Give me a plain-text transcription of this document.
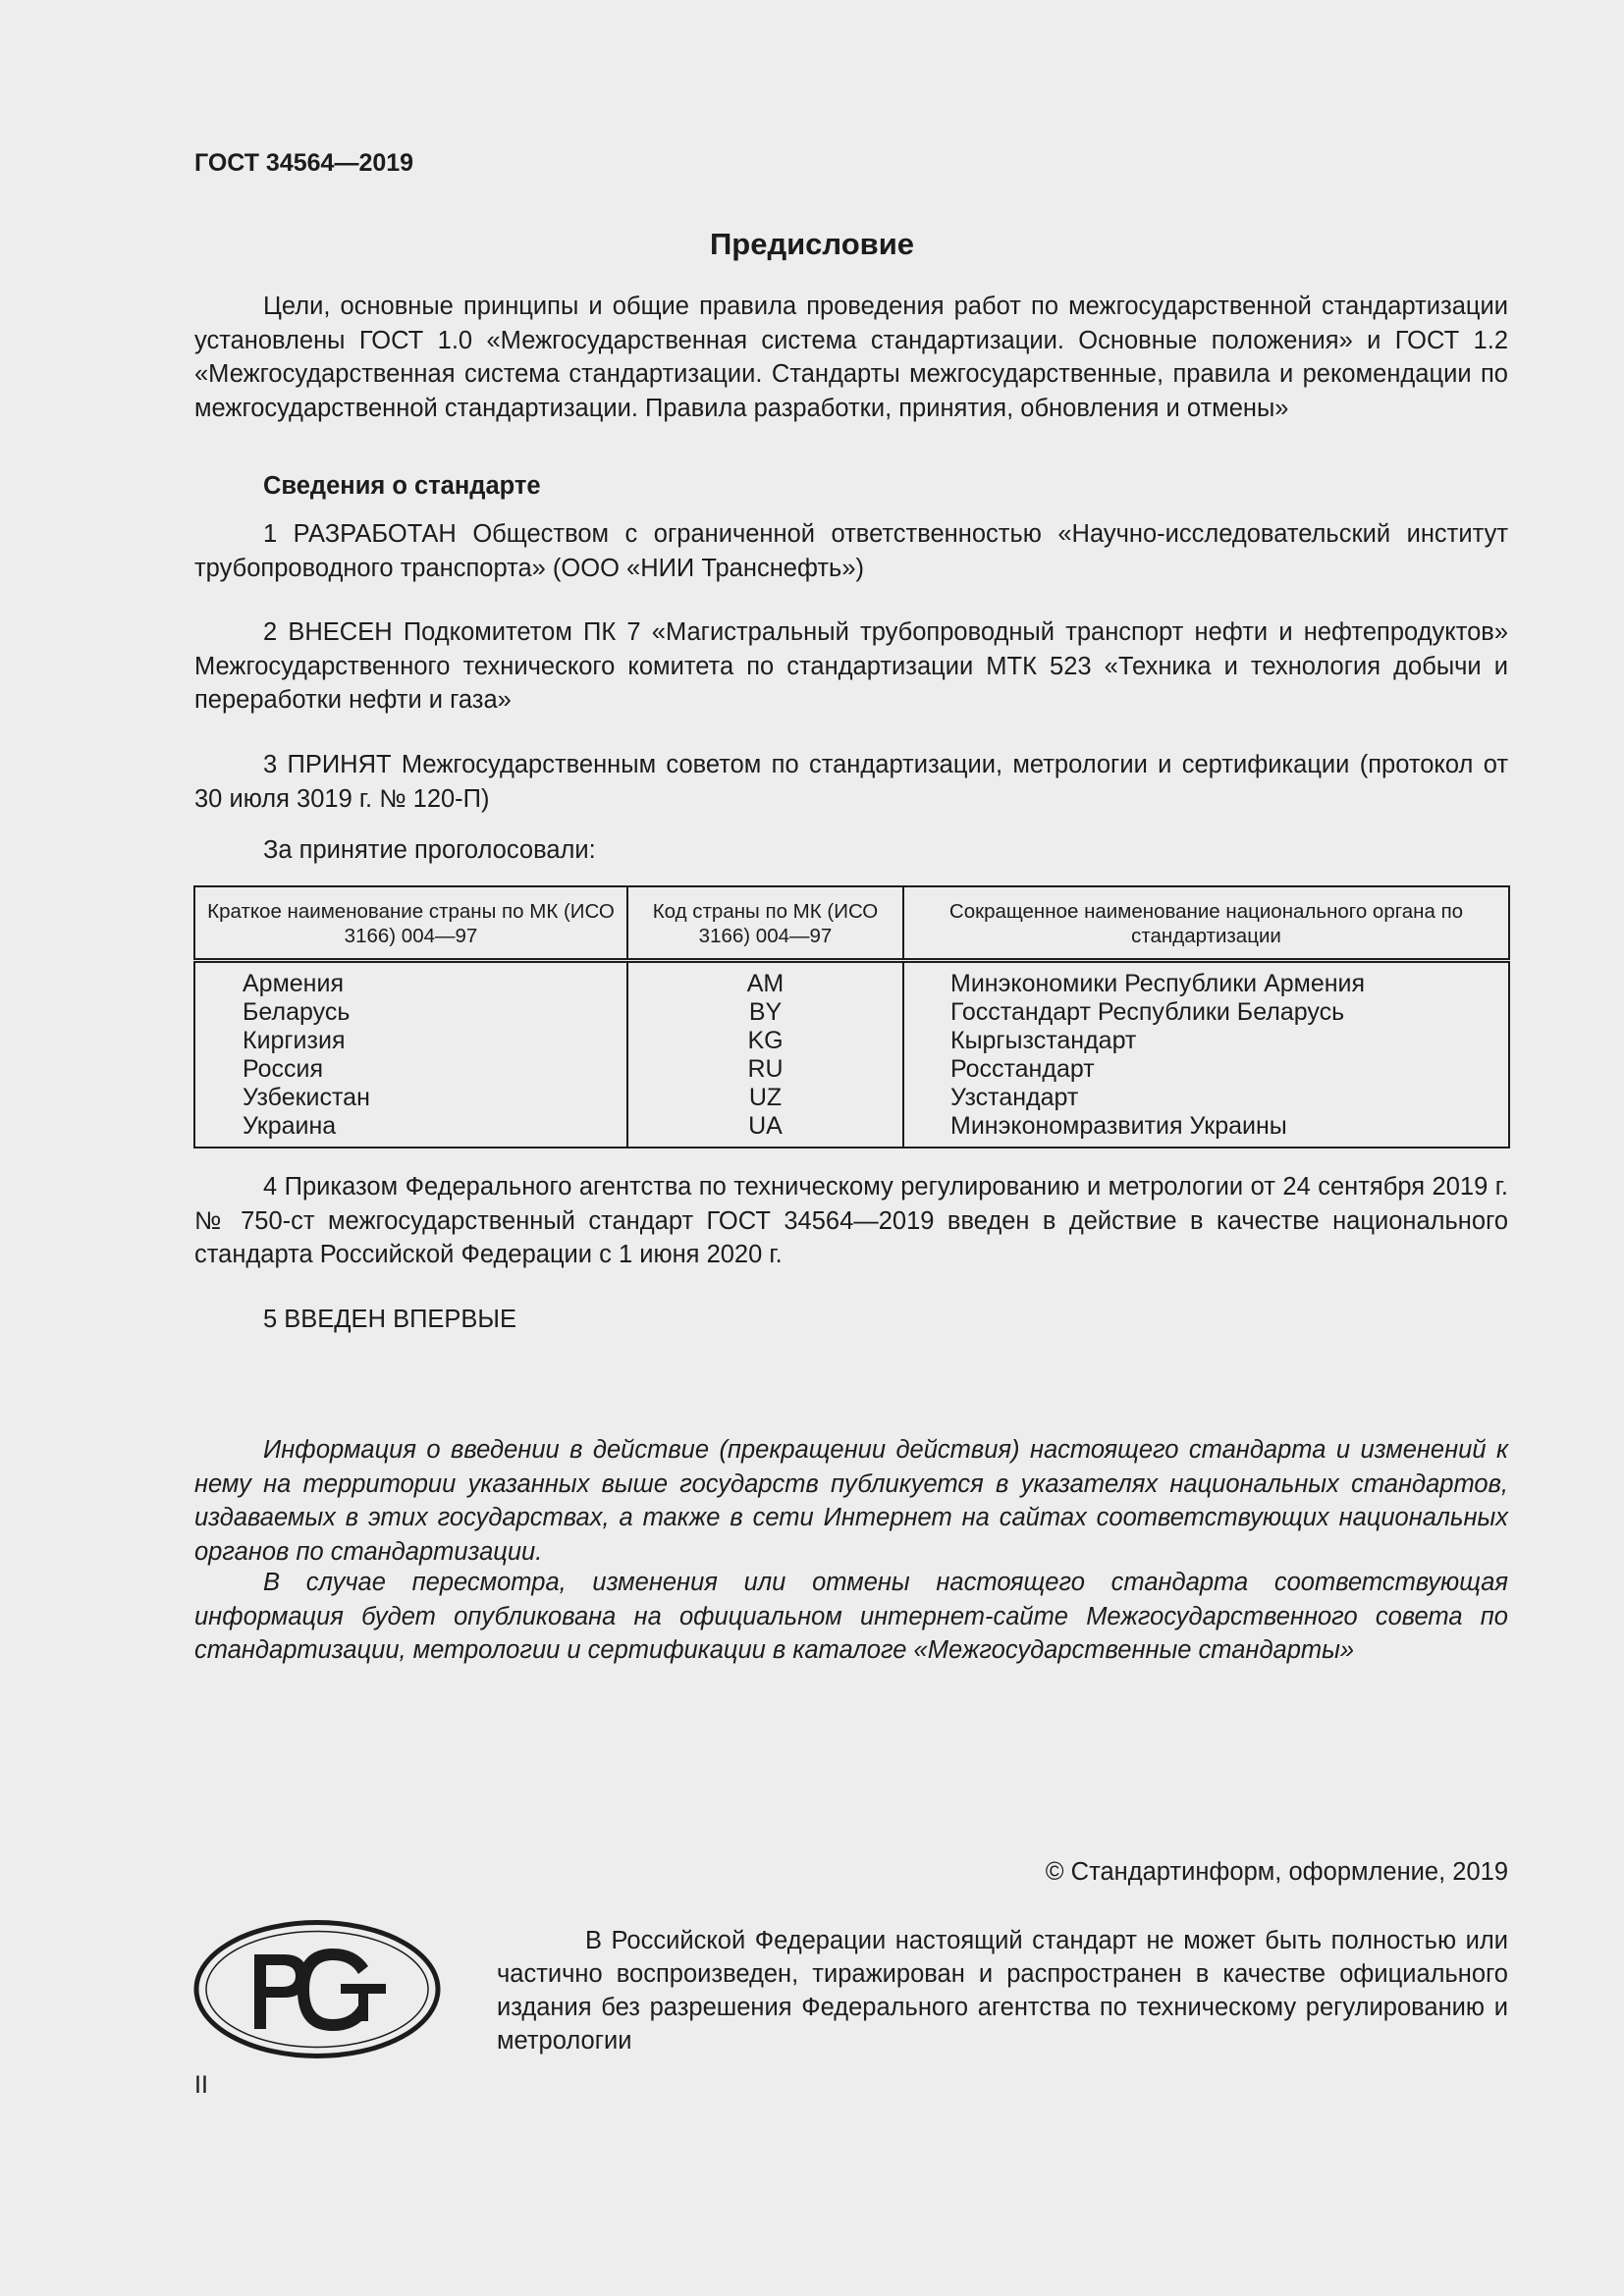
ГОСТ 34564—2019
Предисловие
Цели, основные принципы и общие правила проведения работ по межгосударственной стандартизации установлены ГОСТ 1.0 «Межгосударственная система стандартизации. Основные положения» и ГОСТ 1.2 «Межгосударственная система стандартизации. Стандарты межгосударственные, правила и рекомендации по межгосударственной стандартизации. Правила разработки, принятия, обновления и отмены»
Сведения о стандарте
1 РАЗРАБОТАН Обществом с ограниченной ответственностью «Научно-исследовательский институт трубопроводного транспорта» (ООО «НИИ Транснефть»)
2 ВНЕСЕН Подкомитетом ПК 7 «Магистральный трубопроводный транспорт нефти и нефтепродуктов» Межгосударственного технического комитета по стандартизации МТК 523 «Техника и технология добычи и переработки нефти и газа»
3 ПРИНЯТ Межгосударственным советом по стандартизации, метрологии и сертификации (протокол от 30 июля 3019 г. № 120-П)
За принятие проголосовали:
Краткое наименование страны по МК (ИСО 3166) 004—97	Код страны по МК (ИСО 3166) 004—97	Сокращенное наименование национального органа по стандартизации
Армения	AM	Минэкономики Республики Армения
Беларусь	BY	Госстандарт Республики Беларусь
Киргизия	KG	Кыргызстандарт
Россия	RU	Росстандарт
Узбекистан	UZ	Узстандарт
Украина	UA	Минэкономразвития Украины
4 Приказом Федерального агентства по техническому регулированию и метрологии от 24 сентября 2019 г. № 750-ст межгосударственный стандарт ГОСТ 34564—2019 введен в действие в качестве национального стандарта Российской Федерации с 1 июня 2020 г.
5 ВВЕДЕН ВПЕРВЫЕ
Информация о введении в действие (прекращении действия) настоящего стандарта и изменений к нему на территории указанных выше государств публикуется в указателях национальных стандартов, издаваемых в этих государствах, а также в сети Интернет на сайтах соответствующих национальных органов по стандартизации.
В случае пересмотра, изменения или отмены настоящего стандарта соответствующая информация будет опубликована на официальном интернет-сайте Межгосударственного совета по стандартизации, метрологии и сертификации в каталоге «Межгосударственные стандарты»
© Стандартинформ, оформление, 2019
В Российской Федерации настоящий стандарт не может быть полностью или частично воспроизведен, тиражирован и распространен в качестве официального издания без разрешения Федерального агентства по техническому регулированию и метрологии
II
